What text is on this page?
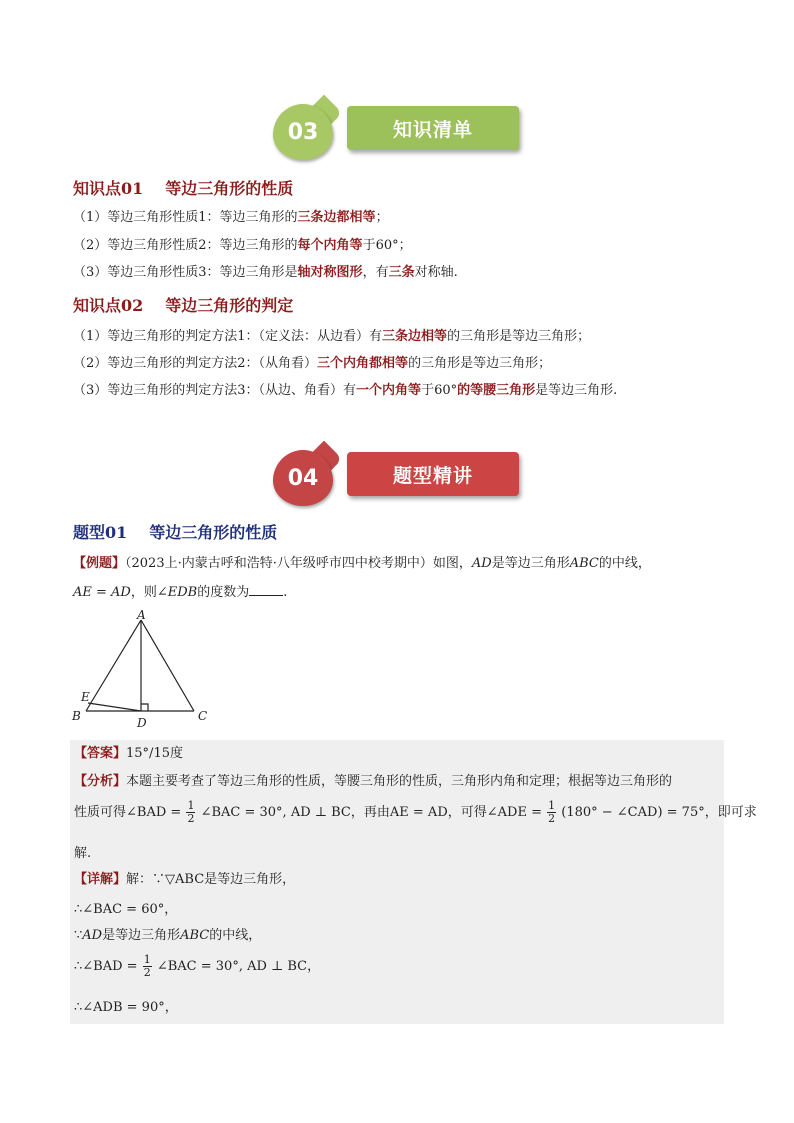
03	知识清单
知识点01 等边三角形的性质
（1）等边三角形性质1：等边三角形的三条边都相等；
（2）等边三角形性质2：等边三角形的每个内角等于60°；
（3）等边三角形性质3：等边三角形是轴对称图形，有三条对称轴.
知识点02 等边三角形的判定
（1）等边三角形的判定方法1：（定义法：从边看）有三条边相等的三角形是等边三角形；
（2）等边三角形的判定方法2：（从角看）三个内角都相等的三角形是等边三角形；
（3）等边三角形的判定方法3：（从边、角看）有一个内角等于60°的等腰三角形是等边三角形.
04	题型精讲
题型01 等边三角形的性质
【例题】（2023上·内蒙古呼和浩特·八年级呼市四中校考期中）如图，AD是等边三角形ABC的中线，
AE = AD，则∠EDB的度数为	.
A
E
B	D	C
【答案】15°/15度
【分析】本题主要考查了等边三角形的性质，等腰三角形的性质，三角形内角和定理；根据等边三角形的
性质可得∠BAD = $\frac{1}{2}$ ∠BAC = 30°, AD ⊥ BC，再由AE = AD，可得∠ADE = $\frac{1}{2} (180^\circ$ − ∠CAD) = 75°，即可求
解.
【详解】解：∵▽ABC是等边三角形，
∴∠BAC = 60°，
∵AD是等边三角形ABC的中线，
∴∠BAD = $\frac{1}{2}$ ∠BAC = 30°, AD ⊥ BC，
∴∠ADB = 90°，
